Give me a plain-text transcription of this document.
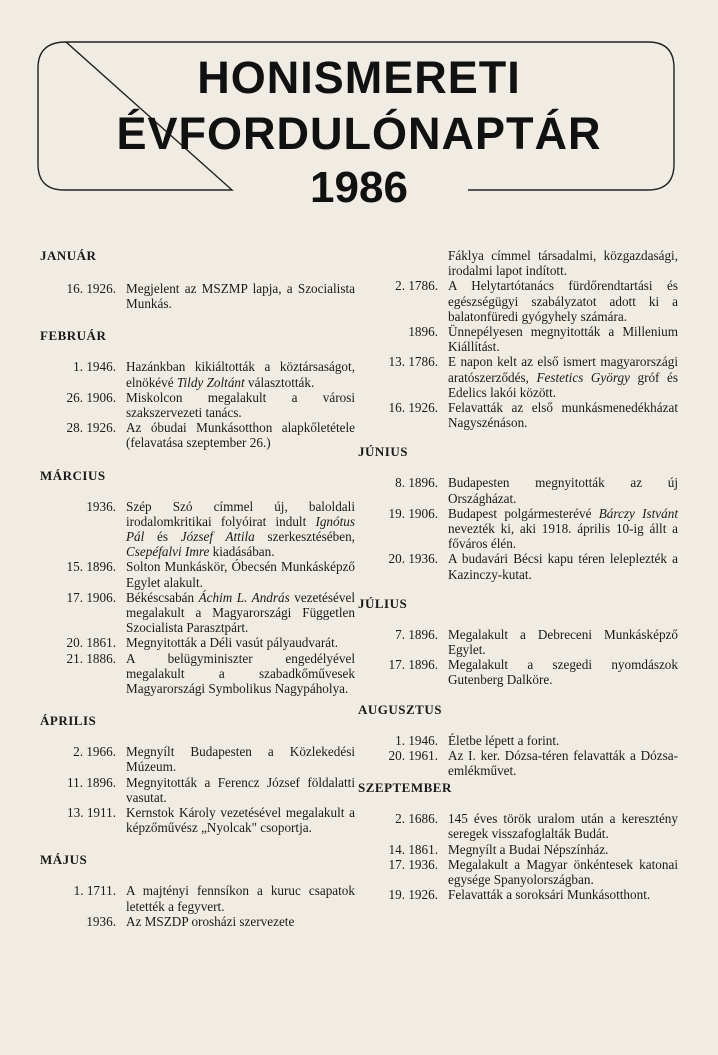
HONISMERETI
ÉVFORDULÓNAPTÁR
1986
JANUÁR
16. 1926. Megjelent az MSZMP lapja, a Szocialista Munkás.
FEBRUÁR
1. 1946. Hazánkban kikiáltották a köztársaságot, elnökévé Tildy Zoltánt választották.
26. 1906. Miskolcon megalakult a városi szakszervezeti tanács.
28. 1926. Az óbudai Munkásotthon alapkőletétele (felavatása szeptember 26.)
MÁRCIUS
1936. Szép Szó címmel új, baloldali irodalomkritikai folyóirat indult Ignótus Pál és József Attila szerkesztésében, Csepéfalvi Imre kiadásában.
15. 1896. Solton Munkáskör, Óbecsén Munkásképző Egylet alakult.
17. 1906. Békéscsabán Áchim L. András vezetésével megalakult a Magyarországi Független Szocialista Parasztpárt.
20. 1861. Megnyitották a Déli vasút pályaudvarát.
21. 1886. A belügyminiszter engedélyével megalakult a szabadkőművesek Magyarországi Symbolikus Nagypáholya.
ÁPRILIS
2. 1966. Megnyílt Budapesten a Közlekedési Múzeum.
11. 1896. Megnyitották a Ferencz József földalatti vasutat.
13. 1911. Kernstok Károly vezetésével megalakult a képzőművész „Nyolcak" csoportja.
MÁJUS
1. 1711. A majtényi fennsíkon a kuruc csapatok letették a fegyvert.
1936. Az MSZDP orosházi szervezete
Fáklya címmel társadalmi, közgazdasági, irodalmi lapot indított.
2. 1786. A Helytartótanács fürdőrendtartási és egészségügyi szabályzatot adott ki a balatonfüredi gyógyhely számára.
1896. Ünnepélyesen megnyitották a Millenium Kiállítást.
13. 1786. E napon kelt az első ismert magyarországi aratószerződés, Festetics György gróf és Edelics lakói között.
16. 1926. Felavatták az első munkásmenedékházat Nagyszénáson.
JÚNIUS
8. 1896. Budapesten megnyitották az új Országházat.
19. 1906. Budapest polgármesterévé Bárczy Istvánt nevezték ki, aki 1918. április 10-ig állt a főváros élén.
20. 1936. A budavári Bécsi kapu téren leleplezték a Kazinczy-kutat.
JÚLIUS
7. 1896. Megalakult a Debreceni Munkásképző Egylet.
17. 1896. Megalakult a szegedi nyomdászok Gutenberg Dalköre.
AUGUSZTUS
1. 1946. Életbe lépett a forint.
20. 1961. Az I. ker. Dózsa-téren felavatták a Dózsa-emlékművet.
SZEPTEMBER
2. 1686. 145 éves török uralom után a keresztény seregek visszafoglalták Budát.
14. 1861. Megnyílt a Budai Népszínház.
17. 1936. Megalakult a Magyar önkéntesek katonai egysége Spanyolországban.
19. 1926. Felavatták a soroksári Munkásotthont.
